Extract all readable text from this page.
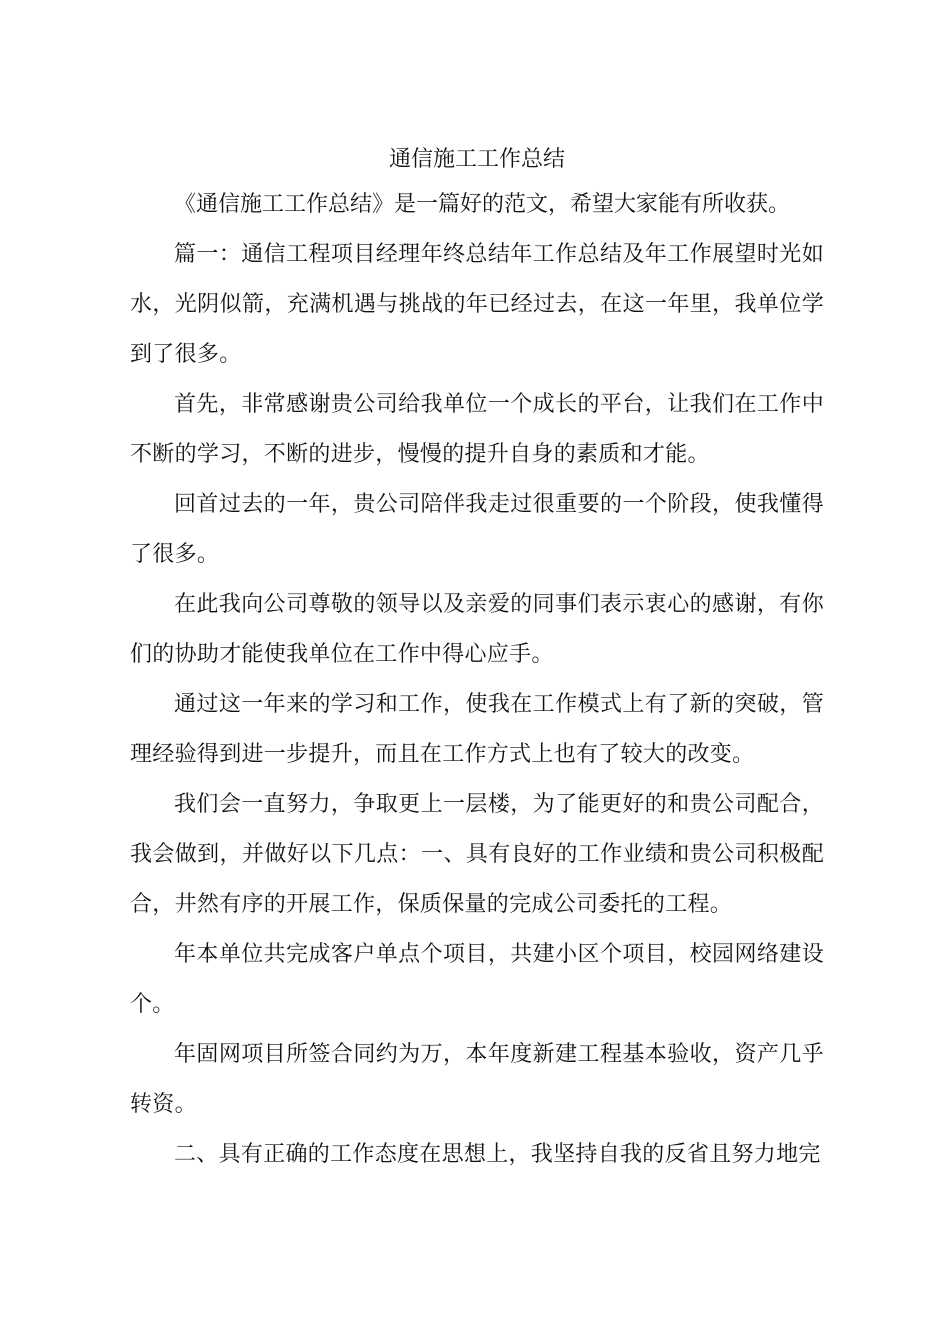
通信施工工作总结

《通信施工工作总结》是一篇好的范文，希望大家能有所收获。

篇一：通信工程项目经理年终总结年工作总结及年工作展望时光如水，光阴似箭，充满机遇与挑战的年已经过去，在这一年里，我单位学到了很多。

首先，非常感谢贵公司给我单位一个成长的平台，让我们在工作中不断的学习，不断的进步，慢慢的提升自身的素质和才能。

回首过去的一年，贵公司陪伴我走过很重要的一个阶段，使我懂得了很多。

在此我向公司尊敬的领导以及亲爱的同事们表示衷心的感谢，有你们的协助才能使我单位在工作中得心应手。

通过这一年来的学习和工作，使我在工作模式上有了新的突破，管理经验得到进一步提升，而且在工作方式上也有了较大的改变。

我们会一直努力，争取更上一层楼，为了能更好的和贵公司配合，我会做到，并做好以下几点：一、具有良好的工作业绩和贵公司积极配合，井然有序的开展工作，保质保量的完成公司委托的工程。

年本单位共完成客户单点个项目，共建小区个项目，校园网络建设个。

年固网项目所签合同约为万，本年度新建工程基本验收，资产几乎转资。

二、具有正确的工作态度在思想上，我坚持自我的反省且努力地完
